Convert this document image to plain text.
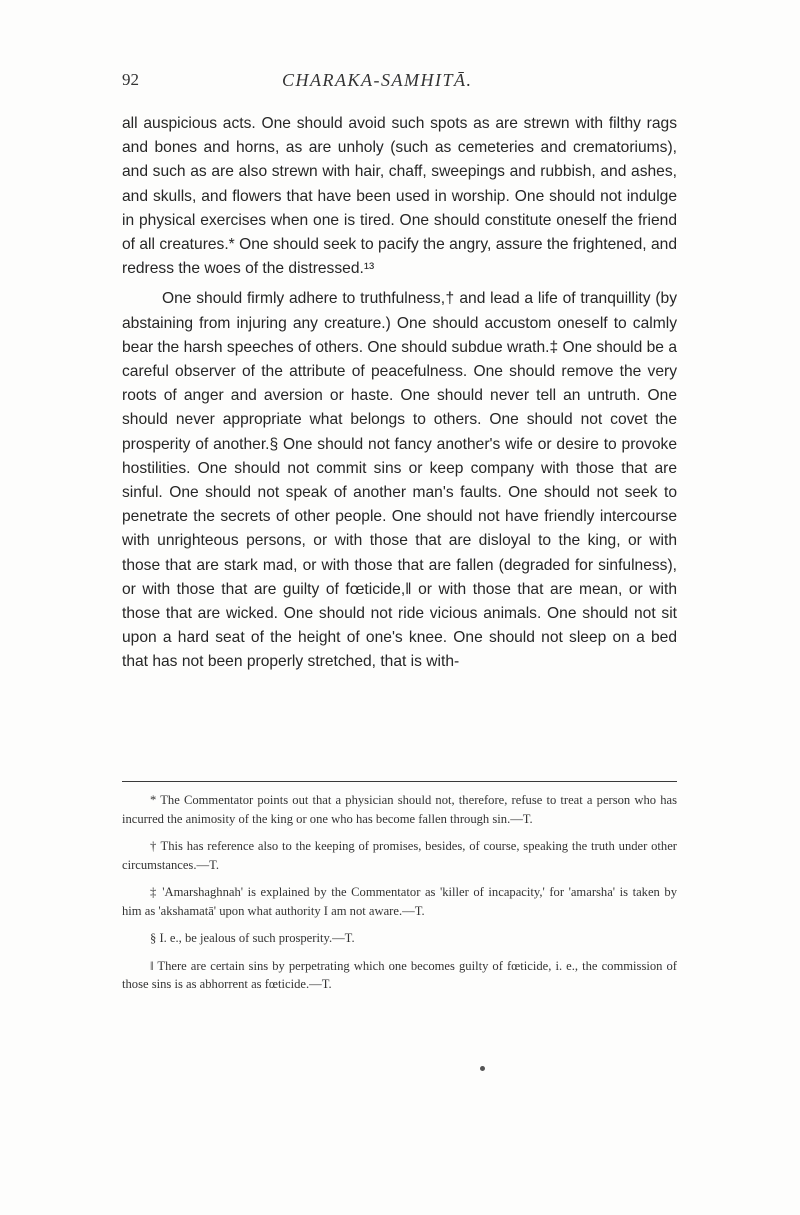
92	CHARAKA-SAMHITĀ.

all auspicious acts. One should avoid such spots as are strewn with filthy rags and bones and horns, as are unholy (such as cemeteries and crematoriums), and such as are also strewn with hair, chaff, sweepings and rubbish, and ashes, and skulls, and flowers that have been used in worship. One should not indulge in physical exercises when one is tired. One should constitute oneself the friend of all creatures.* One should seek to pacify the angry, assure the frightened, and redress the woes of the distressed.¹³

One should firmly adhere to truthfulness,† and lead a life of tranquillity (by abstaining from injuring any creature.) One should accustom oneself to calmly bear the harsh speeches of others. One should subdue wrath.‡ One should be a careful observer of the attribute of peacefulness. One should remove the very roots of anger and aversion or haste. One should never tell an untruth. One should never appropriate what belongs to others. One should not covet the prosperity of another.§ One should not fancy another's wife or desire to provoke hostilities. One should not commit sins or keep company with those that are sinful. One should not speak of another man's faults. One should not seek to penetrate the secrets of other people. One should not have friendly intercourse with unrighteous persons, or with those that are disloyal to the king, or with those that are stark mad, or with those that are fallen (degraded for sinfulness), or with those that are guilty of fœticide,‖ or with those that are mean, or with those that are wicked. One should not ride vicious animals. One should not sit upon a hard seat of the height of one's knee. One should not sleep on a bed that has not been properly stretched, that is with-

* The Commentator points out that a physician should not, therefore, refuse to treat a person who has incurred the animosity of the king or one who has become fallen through sin.—T.

† This has reference also to the keeping of promises, besides, of course, speaking the truth under other circumstances.—T.

‡ 'Amarshaghnah' is explained by the Commentator as 'killer of incapacity,' for 'amarsha' is taken by him as 'akshamatā' upon what authority I am not aware.—T.

§ I. e., be jealous of such prosperity.—T.

‖ There are certain sins by perpetrating which one becomes guilty of fœticide, i. e., the commission of those sins is as abhorrent as fœticide.—T.
